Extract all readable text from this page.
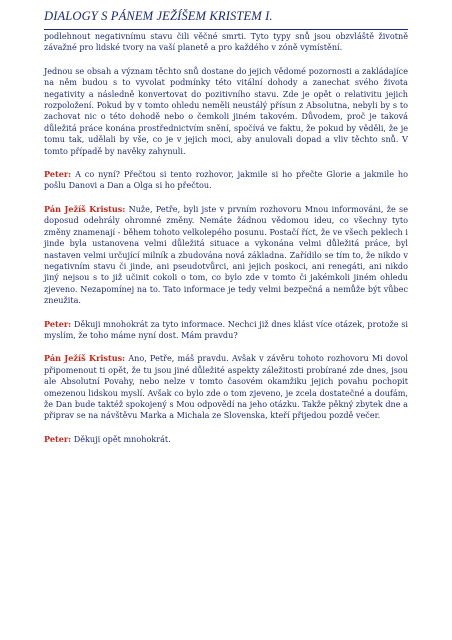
DIALOGY S PÁNEM JEŽÍŠEM KRISTEM I.

podlehnout negativnímu stavu čili věčné smrti. Tyto typy snů jsou obzvláště životně závažné pro lidské tvory na vaší planetě a pro každého v zóně vymístění.

Jednou se obsah a význam těchto snů dostane do jejich vědomé pozornosti a zakládajíce na něm budou s to vyvolat podmínky této vitální dohody a zanechat svého života negativity a následně konvertovat do pozitivního stavu. Zde je opět o relativitu jejich rozpoložení. Pokud by v tomto ohledu neměli neustálý přísun z Absolutna, nebyli by s to zachovat nic o této dohodě nebo o čemkoli jiném takovém. Důvodem, proč je taková důležitá práce konána prostřednictvím snění, spočívá ve faktu, že pokud by věděli, že je tomu tak, udělali by vše, co je v jejich moci, aby anulovali dopad a vliv těchto snů. V tomto případě by navěky zahynuli.

Peter: A co nyní? Přečtou si tento rozhovor, jakmile si ho přečte Glorie a jakmile ho pošlu Danovi a Dan a Olga si ho přečtou.

Pán Ježíš Kristus: Nuže, Petře, byli jste v prvním rozhovoru Mnou informováni, že se doposud odehrály ohromné změny. Nemáte žádnou vědomou ideu, co všechny tyto změny znamenají - během tohoto velkolepého posunu. Postačí říct, že ve všech peklech i jinde byla ustanovena velmi důležitá situace a vykonána velmi důležitá práce, byl nastaven velmi určující milník a zbudována nová základna. Zařídilo se tím to, že nikdo v negativním stavu či jinde, ani pseudotvůrci, ani jejich poskoci, ani renegáti, ani nikdo jiný nejsou s to již učinit cokoli o tom, co bylo zde v tomto či jakémkoli jiném ohledu zjeveno. Nezapomínej na to. Tato informace je tedy velmi bezpečná a nemůže být vůbec zneužita.

Peter: Děkuji mnohokrát za tyto informace. Nechci již dnes klást více otázek, protože si myslím, že toho máme nyní dost. Mám pravdu?

Pán Ježíš Kristus: Ano, Petře, máš pravdu. Avšak v závěru tohoto rozhovoru Mi dovol připomenout ti opět, že tu jsou jiné důležité aspekty záležitosti probírané zde dnes, jsou ale Absolutní Povahy, nebo nelze v tomto časovém okamžiku jejich povahu pochopit omezenou lidskou myslí. Avšak co bylo zde o tom zjeveno, je zcela dostatečné a doufám, že Dan bude taktéž spokojený s Mou odpovědí na jeho otázku. Takže pěkný zbytek dne a připrav se na návštěvu Marka a Michala ze Slovenska, kteří přijedou pozdě večer.

Peter: Děkuji opět mnohokrát.
